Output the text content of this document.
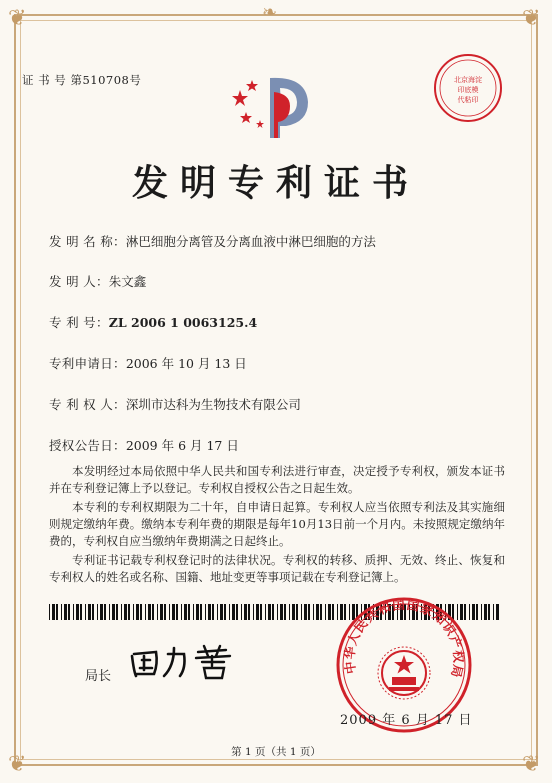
❦	❦
❦	❦
❧
证 书 号 第510708号	北京海淀
印底模
代粘印
发明专利证书
发 明 名 称：淋巴细胞分离管及分离血液中淋巴细胞的方法
发 明 人：朱文鑫
专 利 号：ZL 2006 1 0063125.4
专利申请日：2006 年 10 月 13 日
专 利 权 人：深圳市达科为生物技术有限公司
授权公告日：2009 年 6 月 17 日

本发明经过本局依照中华人民共和国专利法进行审查，决定授予专利权，颁发本证书并在专利登记簿上予以登记。专利权自授权公告之日起生效。

本专利的专利权期限为二十年，自申请日起算。专利权人应当依照专利法及其实施细则规定缴纳年费。缴纳本专利年费的期限是每年10月13日前一个月内。未按照规定缴纳年费的，专利权自应当缴纳年费期满之日起终止。

专利证书记载专利权登记时的法律状况。专利权的转移、质押、无效、终止、恢复和专利权人的姓名或名称、国籍、地址变更等事项记载在专利登记簿上。

局长
中华人民共和国国家知识产权局
2009 年 6 月 17 日
第 1 页（共 1 页）
